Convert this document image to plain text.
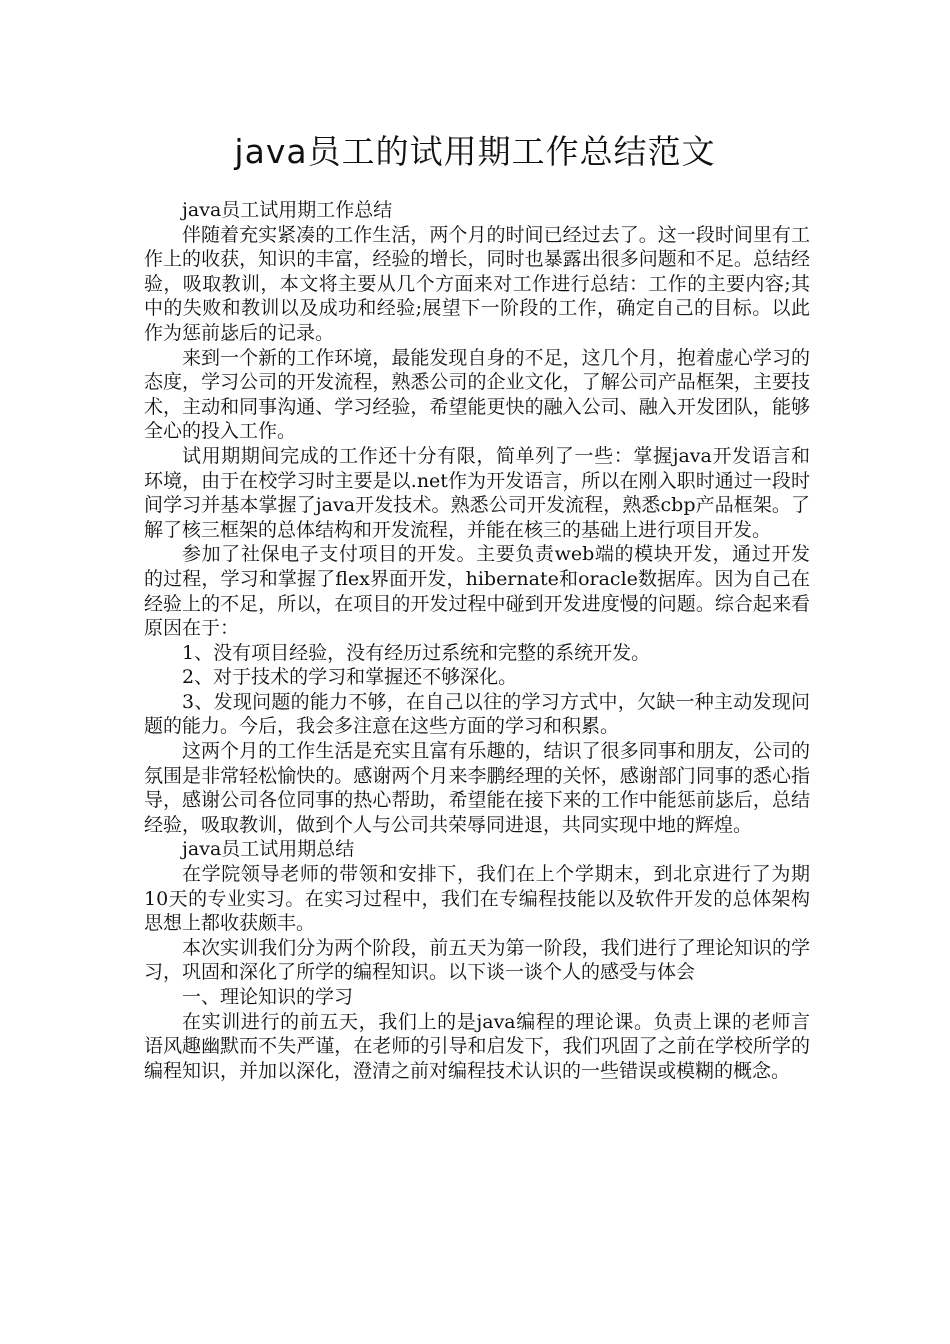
java员工的试用期工作总结范文

java员工试用期工作总结

伴随着充实紧凑的工作生活，两个月的时间已经过去了。这一段时间里有工作上的收获，知识的丰富，经验的增长，同时也暴露出很多问题和不足。总结经验，吸取教训，本文将主要从几个方面来对工作进行总结：工作的主要内容;其中的失败和教训以及成功和经验;展望下一阶段的工作，确定自己的目标。以此作为惩前毖后的记录。

来到一个新的工作环境，最能发现自身的不足，这几个月，抱着虚心学习的态度，学习公司的开发流程，熟悉公司的企业文化，了解公司产品框架，主要技术，主动和同事沟通、学习经验，希望能更快的融入公司、融入开发团队，能够全心的投入工作。

试用期期间完成的工作还十分有限，简单列了一些：掌握java开发语言和环境，由于在校学习时主要是以.net作为开发语言，所以在刚入职时通过一段时间学习并基本掌握了java开发技术。熟悉公司开发流程，熟悉cbp产品框架。了解了核三框架的总体结构和开发流程，并能在核三的基础上进行项目开发。

参加了社保电子支付项目的开发。主要负责web端的模块开发，通过开发的过程，学习和掌握了flex界面开发，hibernate和oracle数据库。因为自己在经验上的不足，所以，在项目的开发过程中碰到开发进度慢的问题。综合起来看原因在于：

1、没有项目经验，没有经历过系统和完整的系统开发。

2、对于技术的学习和掌握还不够深化。

3、发现问题的能力不够，在自己以往的学习方式中，欠缺一种主动发现问题的能力。今后，我会多注意在这些方面的学习和积累。

这两个月的工作生活是充实且富有乐趣的，结识了很多同事和朋友，公司的氛围是非常轻松愉快的。感谢两个月来李鹏经理的关怀，感谢部门同事的悉心指导，感谢公司各位同事的热心帮助，希望能在接下来的工作中能惩前毖后，总结经验，吸取教训，做到个人与公司共荣辱同进退，共同实现中地的辉煌。

java员工试用期总结

在学院领导老师的带领和安排下，我们在上个学期末，到北京进行了为期10天的专业实习。在实习过程中，我们在专编程技能以及软件开发的总体架构思想上都收获颇丰。

本次实训我们分为两个阶段，前五天为第一阶段，我们进行了理论知识的学习，巩固和深化了所学的编程知识。以下谈一谈个人的感受与体会

一、理论知识的学习

在实训进行的前五天，我们上的是java编程的理论课。负责上课的老师言语风趣幽默而不失严谨，在老师的引导和启发下，我们巩固了之前在学校所学的编程知识，并加以深化，澄清之前对编程技术认识的一些错误或模糊的概念。
